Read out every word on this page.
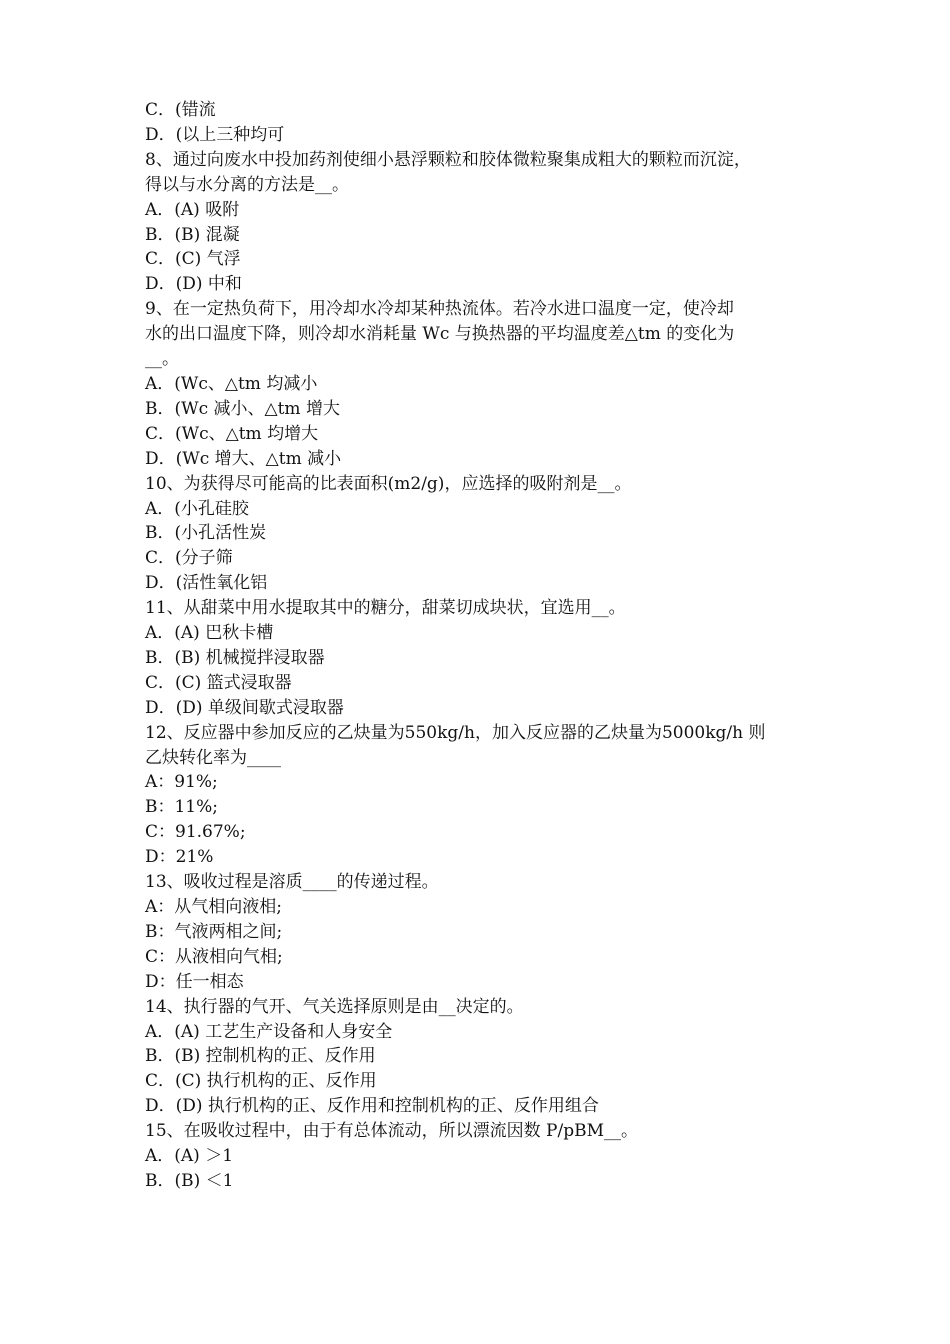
C．(错流

D．(以上三种均可

8、通过向废水中投加药剂使细小悬浮颗粒和胶体微粒聚集成粗大的颗粒而沉淀，

得以与水分离的方法是__。

A．(A) 吸附

B．(B) 混凝

C．(C) 气浮

D．(D) 中和

9、在一定热负荷下，用冷却水冷却某种热流体。若冷水进口温度一定，使冷却

水的出口温度下降，则冷却水消耗量 Wc 与换热器的平均温度差△tm 的变化为

__。

A．(Wc、△tm 均减小

B．(Wc 减小、△tm 增大

C．(Wc、△tm 均增大

D．(Wc 增大、△tm 减小

10、为获得尽可能高的比表面积(m2/g)，应选择的吸附剂是__。

A．(小孔硅胶

B．(小孔活性炭

C．(分子筛

D．(活性氧化铝

11、从甜菜中用水提取其中的糖分，甜菜切成块状，宜选用__。

A．(A) 巴秋卡槽

B．(B) 机械搅拌浸取器

C．(C) 篮式浸取器

D．(D) 单级间歇式浸取器

12、反应器中参加反应的乙炔量为550kg/h，加入反应器的乙炔量为5000kg/h 则

乙炔转化率为____

A：91%;

B：11%;

C：91.67%;

D：21%

13、吸收过程是溶质____的传递过程。

A：从气相向液相;

B：气液两相之间;

C：从液相向气相;

D：任一相态

14、执行器的气开、气关选择原则是由__决定的。

A．(A) 工艺生产设备和人身安全

B．(B) 控制机构的正、反作用

C．(C) 执行机构的正、反作用

D．(D) 执行机构的正、反作用和控制机构的正、反作用组合

15、在吸收过程中，由于有总体流动，所以漂流因数 P/pBM__。

A．(A) ＞1

B．(B) ＜1
